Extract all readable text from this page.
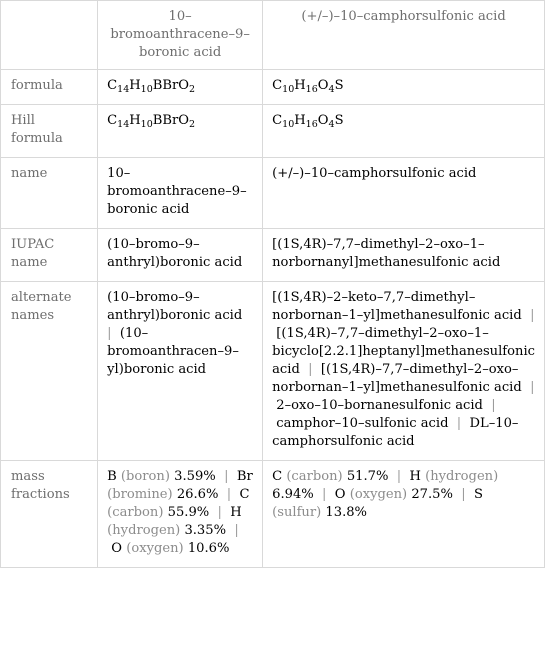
	10–bromoanthracene–9–boronic acid	(+/–)–10–camphorsulfonic acid
formula	$C_{14}H_{10}BBrO_2$	$C_{10}H_{16}O_4S$
Hill formula	$C_{14}H_{10}BBrO_2$	$C_{10}H_{16}O_4S$
name	10–bromoanthracene–9–boronic acid	(+/–)–10–camphorsulfonic acid
IUPAC name	(10–bromo–9–anthryl)boronic acid	[(1S,4R)–7,7–dimethyl–2–oxo–1–norbornanyl]methanesulfonic acid
alternate names	(10–bromo–9–anthryl)boronic acid  |  (10–bromoanthracen–9–yl)boronic acid	[(1S,4R)–2–keto–7,7–dimethyl–norbornan–1–yl]methanesulfonic acid  |  [(1S,4R)–7,7–dimethyl–2–oxo–1–bicyclo[2.2.1]heptanyl]methanesulfonic acid  |  [(1S,4R)–7,7–dimethyl–2–oxo–norbornan–1–yl]methanesulfonic acid  |  2–oxo–10–bornanesulfonic acid  |  camphor–10–sulfonic acid  |  DL–10–camphorsulfonic acid
mass fractions	B (boron) 3.59%  |  Br (bromine) 26.6%  |  C (carbon) 55.9%  |  H (hydrogen) 3.35%  |  O (oxygen) 10.6%	C (carbon) 51.7%  |  H (hydrogen) 6.94%  |  O (oxygen) 27.5%  |  S (sulfur) 13.8%
